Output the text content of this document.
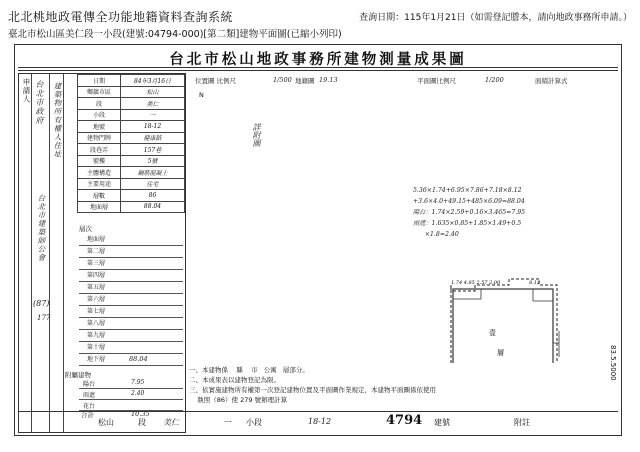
北北桃地政電傳全功能地籍資料查詢系統	查詢日期：115年1月21日（如需登記謄本，請向地政事務所申請。）
臺北市松山區美仁段一小段(建號:04794-000)[第二類]建物平面圖(已縮小列印)
台北市松山地政事務所建物測量成果圖
位置圖 比例尺	1/500 地籍圖 19.13	平面圖比例尺	1/200	面積計算式
N
詳附圖
申請人 台北市政府 建築物所有權人住址
台北市建築師公會
(87)
177
日期	84年3月16日
鄉鎮市區	松山
段	美仁
小段	一
地號	18-12
建物門牌	健康路
段巷弄	157巷
號樓	5號
主體構造	鋼筋混凝土
主要用途	住宅
層數	86
地面層	88.04
層次
地面層
第二層
第三層
第四層
第五層
第六層
第七層
第八層
第九層
第十層
地下層	88.04
附屬建物
陽台	7.95
雨遮	2.40
花台
合計	10.35
壹
層
1.74 4.85 2.57 2.00	8.12
5.36×1.74+6.95×7.86+7.18×8.12
+3.6×4.0+49.15+485×6.09=88.04
陽台：1.74×2.59+0.16×3.465=7.95
雨遮：1.635×0.85+1.85×1.49+0.5
×1.8=2.40
一、本建物係    縣    市   公寓   層部分。
二、本成果表以建物登記為限。
三、依實施建物所有權第一次登記建物位置及平面圖作業規定，本建物平面圖係依使用
執照（86）使 279 號辦理計算
83.5.5000
松山	段 美仁	一 小段	18-12	4794 建號	附註
